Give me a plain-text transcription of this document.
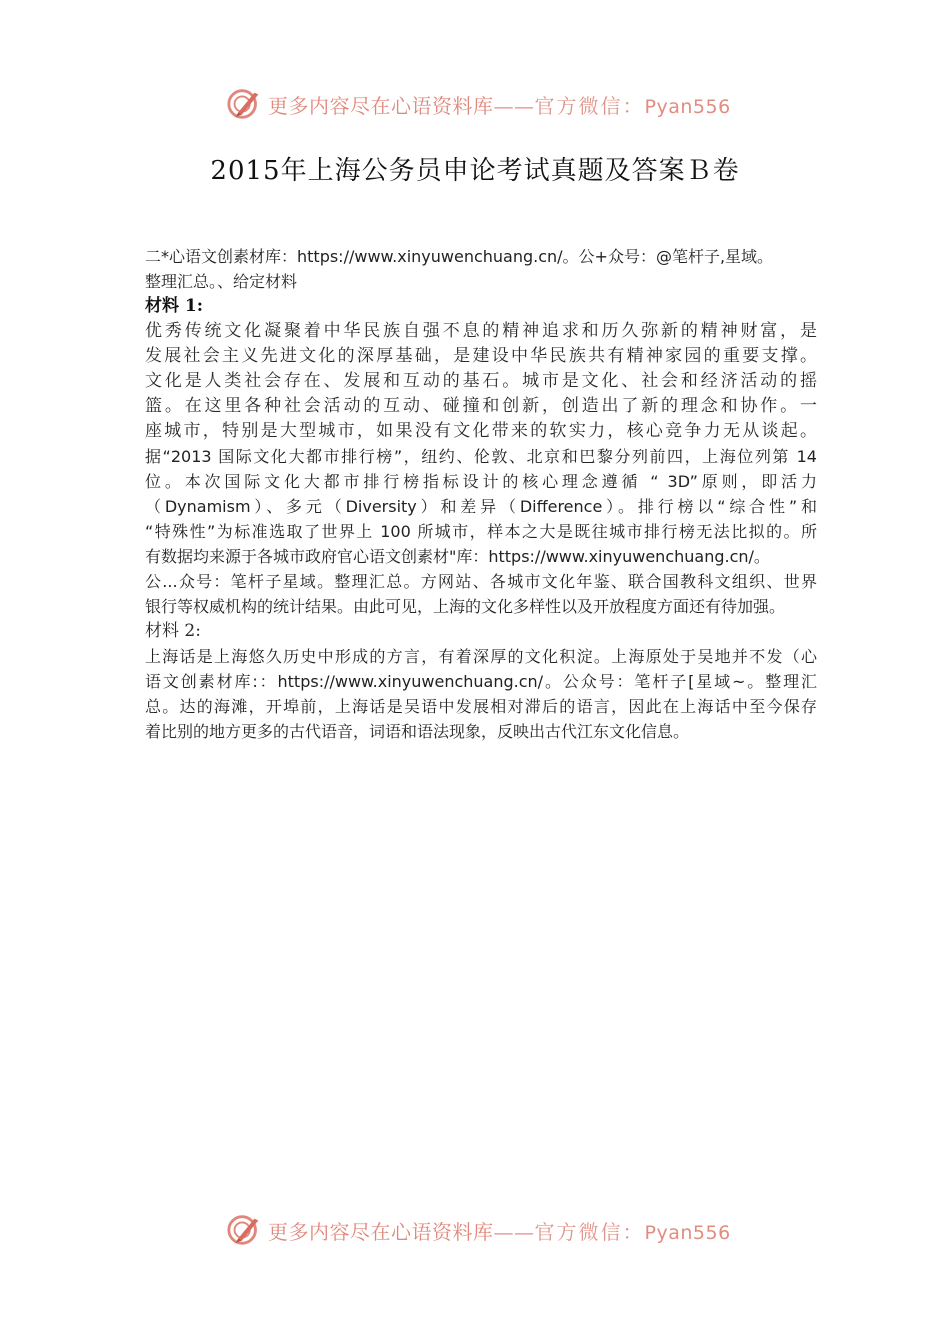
更多内容尽在心语资料库——官方微信：Pyan556
2015年上海公务员申论考试真题及答案Ｂ卷
二*心语文创素材库：https://www.xinyuwenchuang.cn/。公+众号：@笔杆子,星域。
整理汇总。、给定材料
材料 1:
优秀传统文化凝聚着中华民族自强不息的精神追求和历久弥新的精神财富，是
发展社会主义先进文化的深厚基础，是建设中华民族共有精神家园的重要支撑。
文化是人类社会存在、发展和互动的基石。城市是文化、社会和经济活动的摇
篮。在这里各种社会活动的互动、碰撞和创新，创造出了新的理念和协作。一
座城市，特别是大型城市，如果没有文化带来的软实力，核心竞争力无从谈起。
据“2013 国际文化大都市排行榜”，纽约、伦敦、北京和巴黎分列前四，上海位列第 14
位。本次国际文化大都市排行榜指标设计的核心理念遵循 “ 3D”原则，即活力
（Dynamism）、多元（Diversity）和差异（Difference）。排行榜以“综合性”和
“特殊性”为标准选取了世界上 100 所城市，样本之大是既往城市排行榜无法比拟的。所
有数据均来源于各城市政府官心语文创素材"库：https://www.xinyuwenchuang.cn/。
公...众号：笔杆子星域。整理汇总。方网站、各城市文化年鉴、联合国教科文组织、世界
银行等权威机构的统计结果。由此可见，上海的文化多样性以及开放程度方面还有待加强。
材料 2:
上海话是上海悠久历史中形成的方言，有着深厚的文化积淀。上海原处于吴地并不发（心
语文创素材库:：https://www.xinyuwenchuang.cn/。公众号：笔杆子[星域~。整理汇
总。达的海滩，开埠前，上海话是吴语中发展相对滞后的语言，因此在上海话中至今保存
着比别的地方更多的古代语音，词语和语法现象，反映出古代江东文化信息。
更多内容尽在心语资料库——官方微信：Pyan556
